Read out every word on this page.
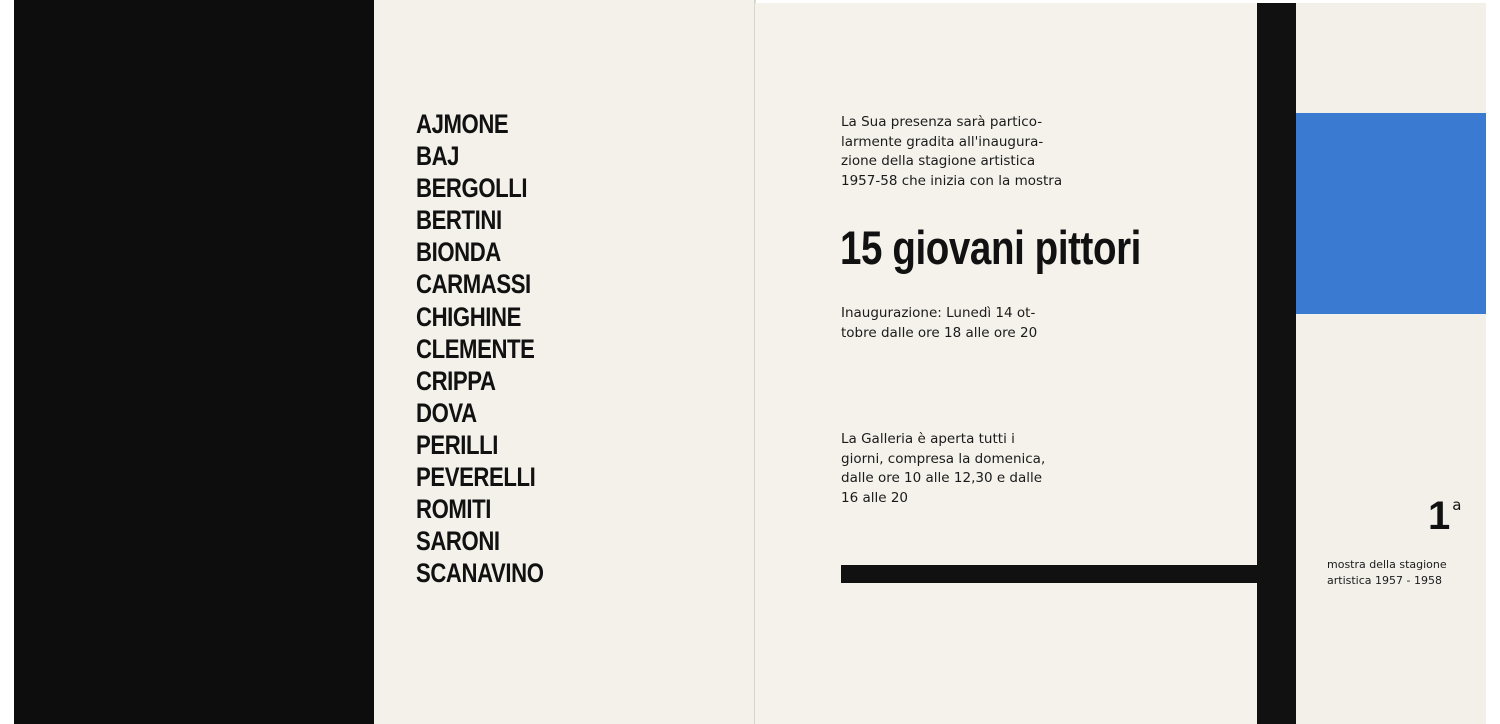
AJMONE
BAJ
BERGOLLI
BERTINI
BIONDA
CARMASSI
CHIGHINE
CLEMENTE
CRIPPA
DOVA
PERILLI
PEVERELLI
ROMITI
SARONI
SCANAVINO
La Sua presenza sarà partico-
larmente gradita all'inaugura-
zione della stagione artistica
1957-58 che inizia con la mostra
15 giovani pittori
Inaugurazione: Lunedì 14 ot-
tobre dalle ore 18 alle ore 20
La Galleria è aperta tutti i
giorni, compresa la domenica,
dalle ore 10 alle 12,30 e dalle
16 alle 20	1 a
mostra della stagione
artistica 1957 - 1958
